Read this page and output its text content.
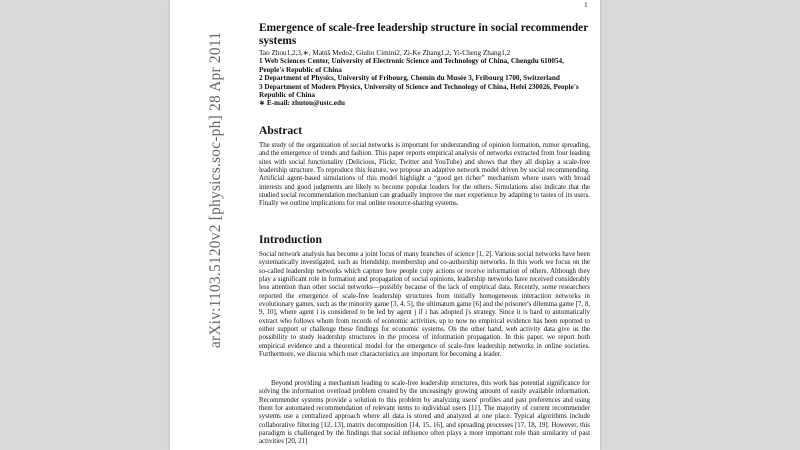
arXiv:1103.5120v2 [physics.soc-ph] 28 Apr 2011
1
Emergence of scale-free leadership structure in social recommender systems
Tao Zhou1,2,3,∗, Matúš Medo2, Giulio Cimini2, Zi-Ke Zhang1,2, Yi-Cheng Zhang1,2
1 Web Sciences Center, University of Electronic Science and Technology of China, Chengdu 610054, People's Republic of China
2 Department of Physics, University of Fribourg, Chemin du Musée 3, Fribourg 1700, Switzerland
3 Department of Modern Physics, University of Science and Technology of China, Hefei 230026, People's Republic of China
∗ E-mail: zhutou@ustc.edu
Abstract

The study of the organization of social networks is important for understanding of opinion formation, rumor spreading, and the emergence of trends and fashion. This paper reports empirical analysis of networks extracted from four leading sites with social functionality (Delicious, Flickr, Twitter and YouTube) and shows that they all display a scale-free leadership structure. To reproduce this feature, we propose an adaptive network model driven by social recommending. Artificial agent-based simulations of this model highlight a “good get richer” mechanism where users with broad interests and good judgments are likely to become popular leaders for the others. Simulations also indicate that the studied social recommendation mechanism can gradually improve the user experience by adapting to tastes of its users. Finally we outline implications for real online resource-sharing systems.

Introduction

Social network analysis has become a joint focus of many branches of science [1, 2]. Various social networks have been systematically investigated, such as friendship, membership and co-authorship networks. In this work we focus on the so-called leadership networks which capture how people copy actions or receive information of others. Although they play a significant role in formation and propagation of social opinions, leadership networks have received considerably less attention than other social networks—possibly because of the lack of empirical data. Recently, some researchers reported the emergence of scale-free leadership structures from initially homogeneous interaction networks in evolutionary games, such as the minority game [3, 4, 5], the ultimatum game [6] and the prisoner's dilemma game [7, 8, 9, 10], where agent i is considered to be led by agent j if i has adopted j's strategy. Since it is hard to automatically extract who follows whom from records of economic activities, up to now no empirical evidence has been reported to either support or challenge these findings for economic systems. On the other hand, web activity data give us the possibility to study leadership structures in the process of information propagation. In this paper, we report both empirical evidence and a theoretical model for the emergence of scale-free leadership networks in online societies. Furthermore, we discuss which user characteristics are important for becoming a leader.

Beyond providing a mechanism leading to scale-free leadership structures, this work has potential significance for solving the information overload problem created by the unceasingly growing amount of easily available information. Recommender systems provide a solution to this problem by analyzing users' profiles and past preferences and using them for automated recommendation of relevant items to individual users [11]. The majority of current recommender systems use a centralized approach where all data is stored and analyzed at one place. Typical algorithms include collaborative filtering [12, 13], matrix decomposition [14, 15, 16], and spreading processes [17, 18, 19]. However, this paradigm is challenged by the findings that social influence often plays a more important role than similarity of past activities [20, 21]
